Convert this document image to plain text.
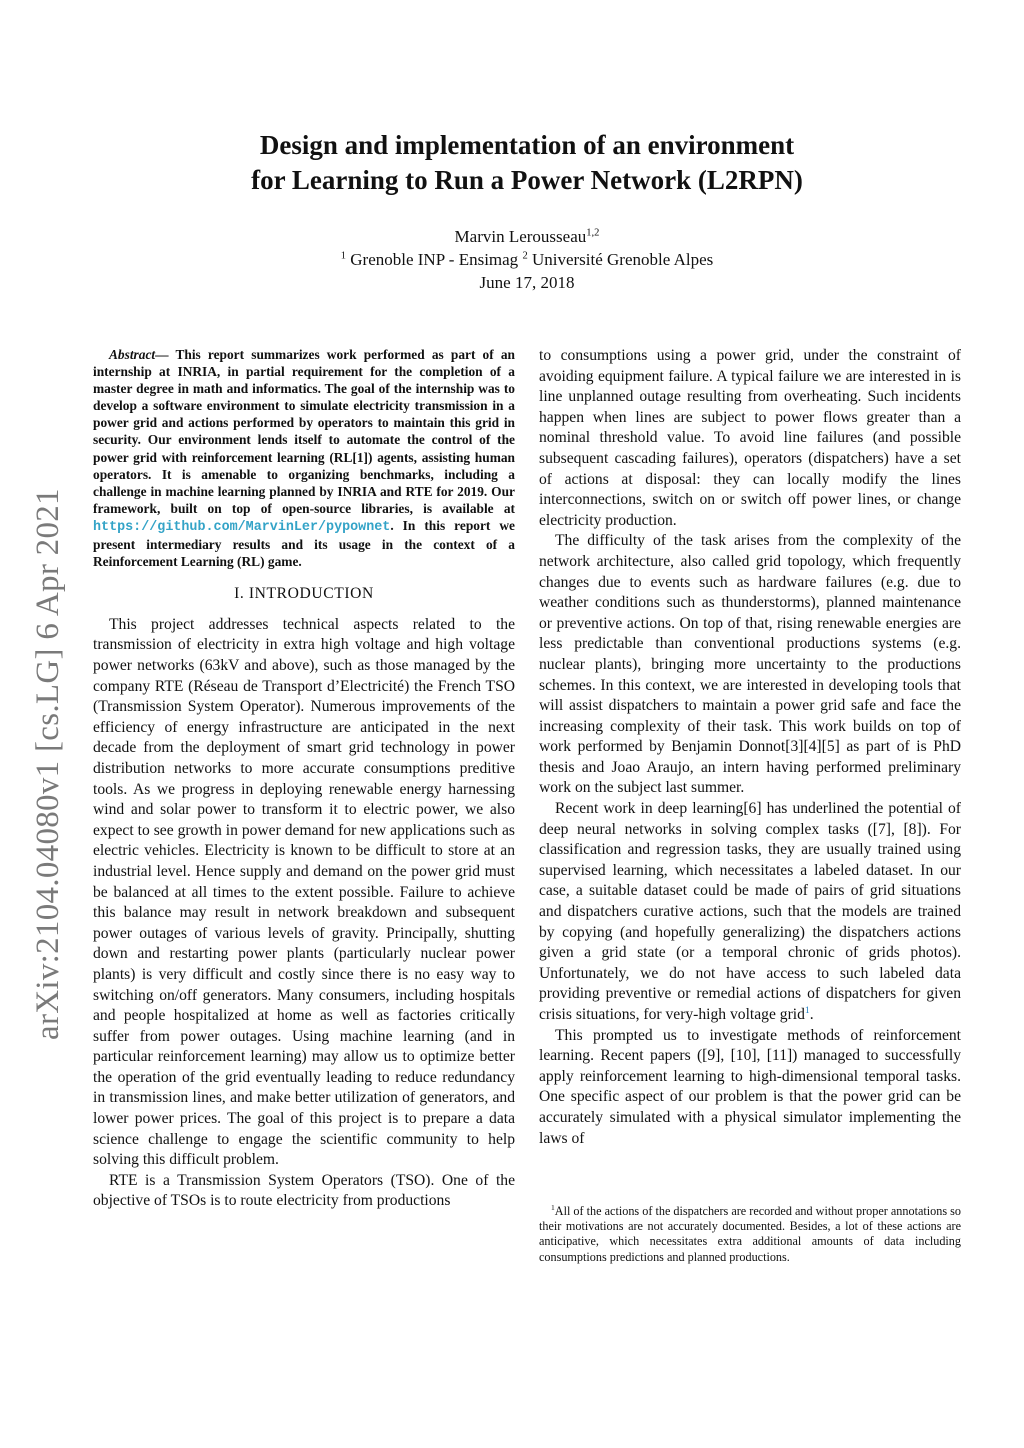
arXiv:2104.04080v1 [cs.LG] 6 Apr 2021
Design and implementation of an environment
for Learning to Run a Power Network (L2RPN)
Marvin Lerousseau$^{1,2}$
$^1$ Grenoble INP - Ensimag $^2$ Université Grenoble Alpes
June 17, 2018

Abstract— This report summarizes work performed as part of an internship at INRIA, in partial requirement for the completion of a master degree in math and informatics. The goal of the internship was to develop a software environment to simulate electricity transmission in a power grid and actions performed by operators to maintain this grid in security. Our environment lends itself to automate the control of the power grid with reinforcement learning (RL[1]) agents, assisting human operators. It is amenable to organizing benchmarks, including a challenge in machine learning planned by INRIA and RTE for 2019. Our framework, built on top of open-source libraries, is available at https://github.com/MarvinLer/pypownet. In this report we present intermediary results and its usage in the context of a Reinforcement Learning (RL) game.

I. INTRODUCTION

This project addresses technical aspects related to the transmission of electricity in extra high voltage and high voltage power networks (63kV and above), such as those managed by the company RTE (Réseau de Transport d’Electricité) the French TSO (Transmission System Operator). Numerous improvements of the efficiency of energy infrastructure are anticipated in the next decade from the deployment of smart grid technology in power distribution networks to more accurate consumptions preditive tools. As we progress in deploying renewable energy harnessing wind and solar power to transform it to electric power, we also expect to see growth in power demand for new applications such as electric vehicles. Electricity is known to be difficult to store at an industrial level. Hence supply and demand on the power grid must be balanced at all times to the extent possible. Failure to achieve this balance may result in network breakdown and subsequent power outages of various levels of gravity. Principally, shutting down and restarting power plants (particularly nuclear power plants) is very difficult and costly since there is no easy way to switching on/off generators. Many consumers, including hospitals and people hospitalized at home as well as factories critically suffer from power outages. Using machine learning (and in particular reinforcement learning) may allow us to optimize better the operation of the grid eventually leading to reduce redundancy in transmission lines, and make better utilization of generators, and lower power prices. The goal of this project is to prepare a data science challenge to engage the scientific community to help solving this difficult problem.

RTE is a Transmission System Operators (TSO). One of the objective of TSOs is to route electricity from productions

to consumptions using a power grid, under the constraint of avoiding equipment failure. A typical failure we are interested in is line unplanned outage resulting from overheating. Such incidents happen when lines are subject to power flows greater than a nominal threshold value. To avoid line failures (and possible subsequent cascading failures), operators (dispatchers) have a set of actions at disposal: they can locally modify the lines interconnections, switch on or switch off power lines, or change electricity production.

The difficulty of the task arises from the complexity of the network architecture, also called grid topology, which frequently changes due to events such as hardware failures (e.g. due to weather conditions such as thunderstorms), planned maintenance or preventive actions. On top of that, rising renewable energies are less predictable than conventional productions systems (e.g. nuclear plants), bringing more uncertainty to the productions schemes. In this context, we are interested in developing tools that will assist dispatchers to maintain a power grid safe and face the increasing complexity of their task. This work builds on top of work performed by Benjamin Donnot[3][4][5] as part of is PhD thesis and Joao Araujo, an intern having performed preliminary work on the subject last summer.

Recent work in deep learning[6] has underlined the potential of deep neural networks in solving complex tasks ([7], [8]). For classification and regression tasks, they are usually trained using supervised learning, which necessitates a labeled dataset. In our case, a suitable dataset could be made of pairs of grid situations and dispatchers curative actions, such that the models are trained by copying (and hopefully generalizing) the dispatchers actions given a grid state (or a temporal chronic of grids photos). Unfortunately, we do not have access to such labeled data providing preventive or remedial actions of dispatchers for given crisis situations, for very-high voltage grid$^1$.

This prompted us to investigate methods of reinforcement learning. Recent papers ([9], [10], [11]) managed to successfully apply reinforcement learning to high-dimensional temporal tasks. One specific aspect of our problem is that the power grid can be accurately simulated with a physical simulator implementing the laws of

$^1$All of the actions of the dispatchers are recorded and without proper annotations so their motivations are not accurately documented. Besides, a lot of these actions are anticipative, which necessitates extra additional amounts of data including consumptions predictions and planned productions.
